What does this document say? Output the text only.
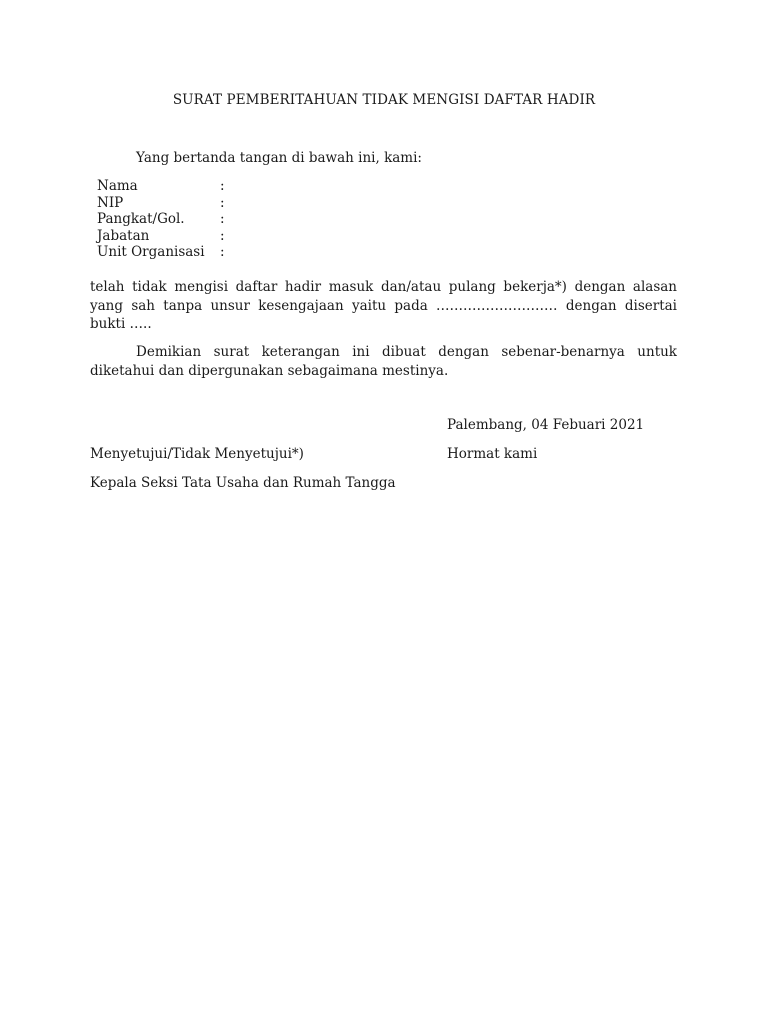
SURAT PEMBERITAHUAN TIDAK MENGISI DAFTAR HADIR
Yang bertanda tangan di bawah ini, kami:
Nama	:
NIP	:
Pangkat/Gol.	:
Jabatan	:
Unit Organisasi :
telah tidak mengisi daftar hadir masuk dan/atau pulang bekerja*) dengan alasan yang sah tanpa unsur kesengajaan yaitu pada ……………………… dengan disertai bukti …..
Demikian surat keterangan ini dibuat dengan sebenar-benarnya untuk diketahui dan dipergunakan sebagaimana mestinya.
Palembang, 04 Febuari 2021
Menyetujui/Tidak Menyetujui*)	Hormat kami
Kepala Seksi Tata Usaha dan Rumah Tangga
